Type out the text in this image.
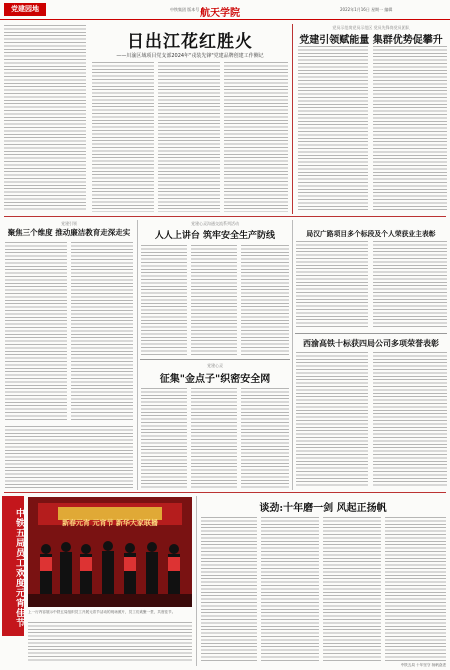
党建园地	中铁集团 版本号 航天学院	2022年1月16日 星期一 编辑
日出江花红胜火
——川渝区域项目党支部2024年"戎装先锋"党建品牌创建工作侧记
党员示范岗党员示范区 党员先锋岗党员团队
党建引领赋能量 集群优势促攀升
党建引领
聚焦三个维度 推动廉洁教育走深走实
党建心灵沟通交流系列活动
人人上讲台 筑牢安全生产防线	局汉广路项目多个标段及个人荣获业主表彰
西渝高铁十标获四局公司多项荣誉表彰
党建心灵
征集"金点子"织密安全网
中铁五局员工欢度元宵佳节	新春元宵 元宵节 新华大家联播
上一行内容展示中铁五局组织员工开展元宵节活动的现场照片，员工们欢聚一堂，共度佳节。
谈劲:十年磨一剑 风起正扬帆
中铁五局 十年坚守 扬帆奋进
